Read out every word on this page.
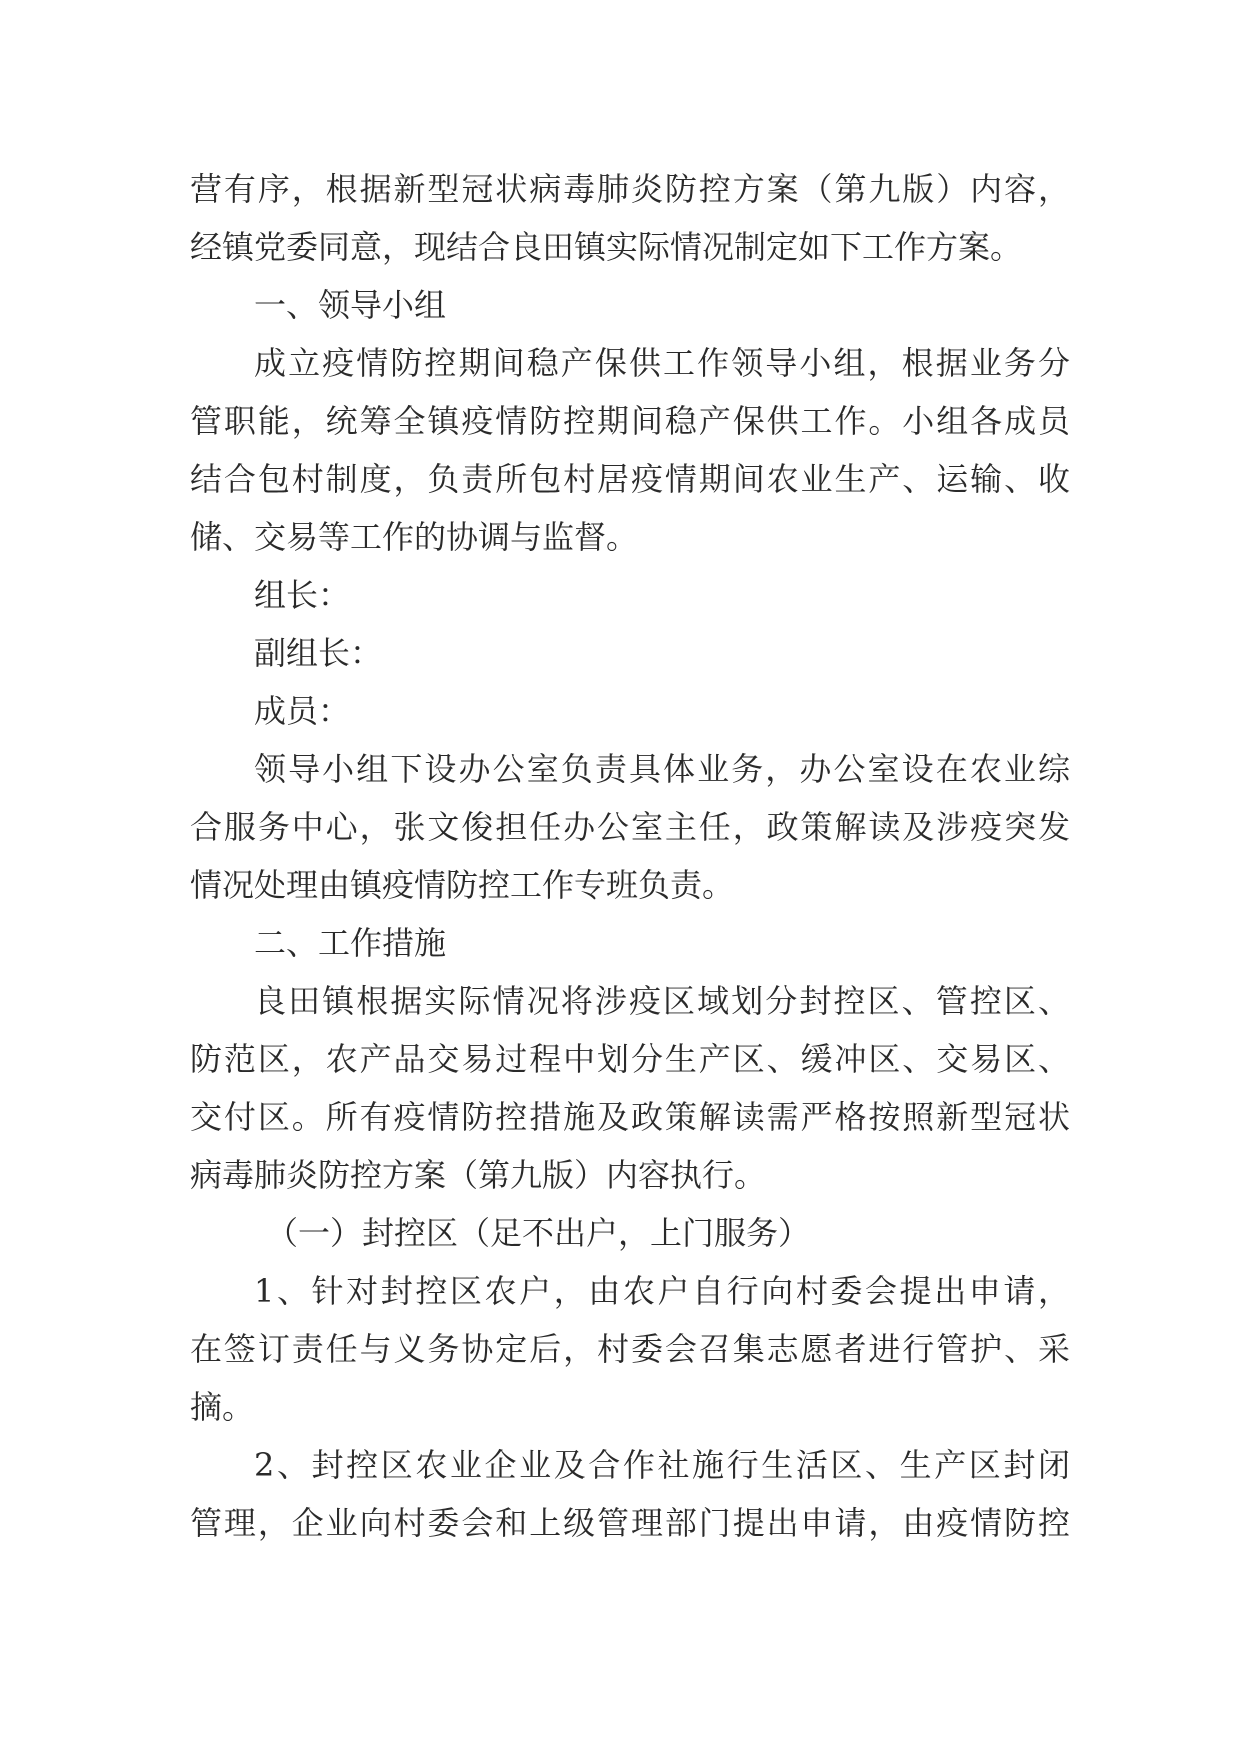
营有序，根据新型冠状病毒肺炎防控方案（第九版）内容，
经镇党委同意，现结合良田镇实际情况制定如下工作方案。
一、领导小组
成立疫情防控期间稳产保供工作领导小组，根据业务分
管职能，统筹全镇疫情防控期间稳产保供工作。小组各成员
结合包村制度，负责所包村居疫情期间农业生产、运输、收
储、交易等工作的协调与监督。
组长：
副组长：
成员：
领导小组下设办公室负责具体业务，办公室设在农业综
合服务中心，张文俊担任办公室主任，政策解读及涉疫突发
情况处理由镇疫情防控工作专班负责。
二、工作措施
良田镇根据实际情况将涉疫区域划分封控区、管控区、
防范区，农产品交易过程中划分生产区、缓冲区、交易区、
交付区。所有疫情防控措施及政策解读需严格按照新型冠状
病毒肺炎防控方案（第九版）内容执行。
（一）封控区（足不出户，上门服务）
1、针对封控区农户，由农户自行向村委会提出申请，
在签订责任与义务协定后，村委会召集志愿者进行管护、采
摘。
2、封控区农业企业及合作社施行生活区、生产区封闭
管理，企业向村委会和上级管理部门提出申请，由疫情防控
